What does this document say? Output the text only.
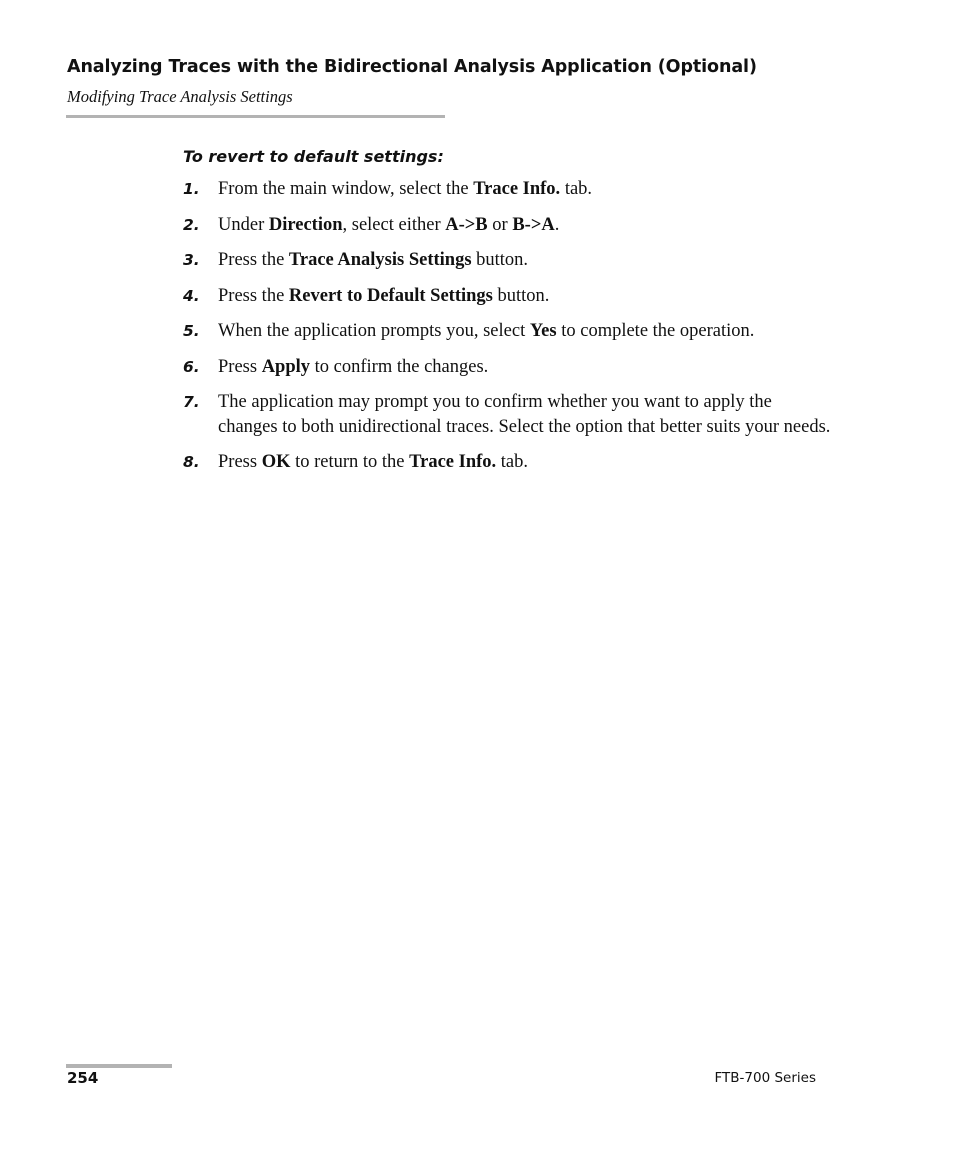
Analyzing Traces with the Bidirectional Analysis Application (Optional)
Modifying Trace Analysis Settings
To revert to default settings:
1. From the main window, select the Trace Info. tab.
2. Under Direction, select either A->B or B->A.
3. Press the Trace Analysis Settings button.
4. Press the Revert to Default Settings button.
5. When the application prompts you, select Yes to complete the operation.
6. Press Apply to confirm the changes.
7. The application may prompt you to confirm whether you want to apply the changes to both unidirectional traces. Select the option that better suits your needs.
8. Press OK to return to the Trace Info. tab.
254	FTB-700 Series
